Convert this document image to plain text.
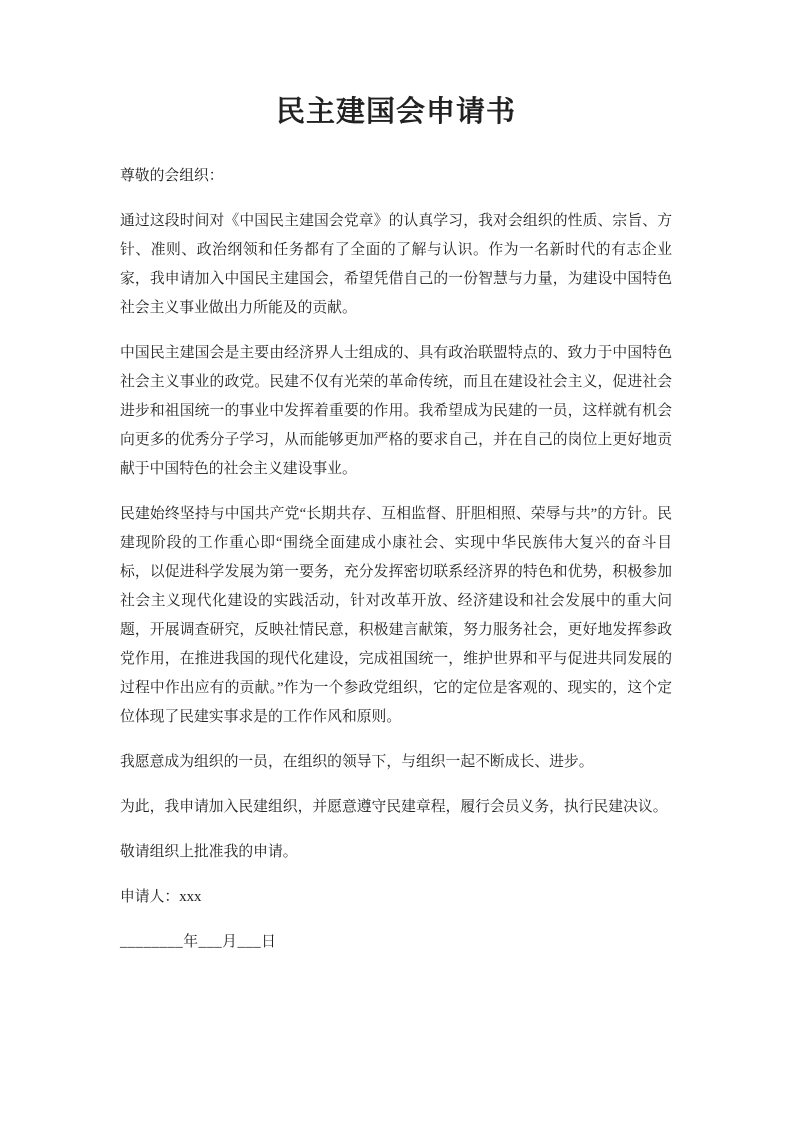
民主建国会申请书

尊敬的会组织：

通过这段时间对《中国民主建国会党章》的认真学习，我对会组织的性质、宗旨、方针、准则、政治纲领和任务都有了全面的了解与认识。作为一名新时代的有志企业家，我申请加入中国民主建国会，希望凭借自己的一份智慧与力量，为建设中国特色社会主义事业做出力所能及的贡献。

中国民主建国会是主要由经济界人士组成的、具有政治联盟特点的、致力于中国特色社会主义事业的政党。民建不仅有光荣的革命传统，而且在建设社会主义，促进社会进步和祖国统一的事业中发挥着重要的作用。我希望成为民建的一员，这样就有机会向更多的优秀分子学习，从而能够更加严格的要求自己，并在自己的岗位上更好地贡献于中国特色的社会主义建设事业。

民建始终坚持与中国共产党“长期共存、互相监督、肝胆相照、荣辱与共”的方针。民建现阶段的工作重心即“围绕全面建成小康社会、实现中华民族伟大复兴的奋斗目标，以促进科学发展为第一要务，充分发挥密切联系经济界的特色和优势，积极参加社会主义现代化建设的实践活动，针对改革开放、经济建设和社会发展中的重大问题，开展调查研究，反映社情民意，积极建言献策，努力服务社会，更好地发挥参政党作用，在推进我国的现代化建设，完成祖国统一，维护世界和平与促进共同发展的过程中作出应有的贡献。”作为一个参政党组织，它的定位是客观的、现实的，这个定位体现了民建实事求是的工作作风和原则。

我愿意成为组织的一员，在组织的领导下，与组织一起不断成长、进步。

为此，我申请加入民建组织，并愿意遵守民建章程，履行会员义务，执行民建决议。

敬请组织上批准我的申请。

申请人：xxx

________年___月___日
